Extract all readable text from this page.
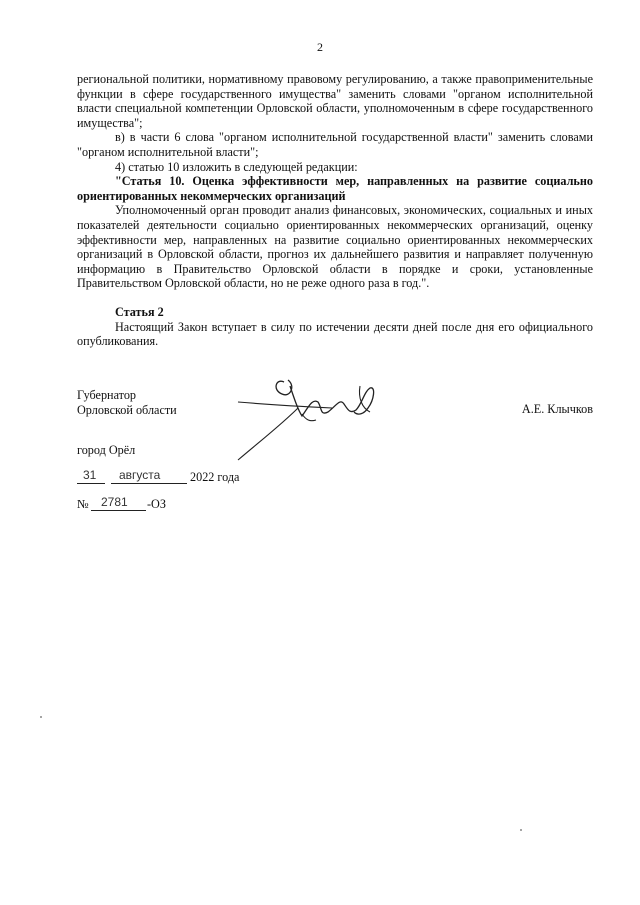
2

региональной политики, нормативному правовому регулированию, а также правоприменительные функции в сфере государственного имущества" заменить словами "органом исполнительной власти специальной компетенции Орловской области, уполномоченным в сфере государственного имущества";

в) в части 6 слова "органом исполнительной государственной власти" заменить словами "органом исполнительной власти";

4) статью 10 изложить в следующей редакции:

"Статья 10. Оценка эффективности мер, направленных на развитие социально ориентированных некоммерческих организаций

Уполномоченный орган проводит анализ финансовых, экономических, социальных и иных показателей деятельности социально ориентированных некоммерческих организаций, оценку эффективности мер, направленных на развитие социально ориентированных некоммерческих организаций в Орловской области, прогноз их дальнейшего развития и направляет полученную информацию в Правительство Орловской области в порядке и сроки, установленные Правительством Орловской области, но не реже одного раза в год.".

Статья 2

Настоящий Закон вступает в силу по истечении десяти дней после дня его официального опубликования.

Губернатор
Орловской области	А.Е. Клычков
город Орёл
31 августа 2022 года
№ 2781 -ОЗ
